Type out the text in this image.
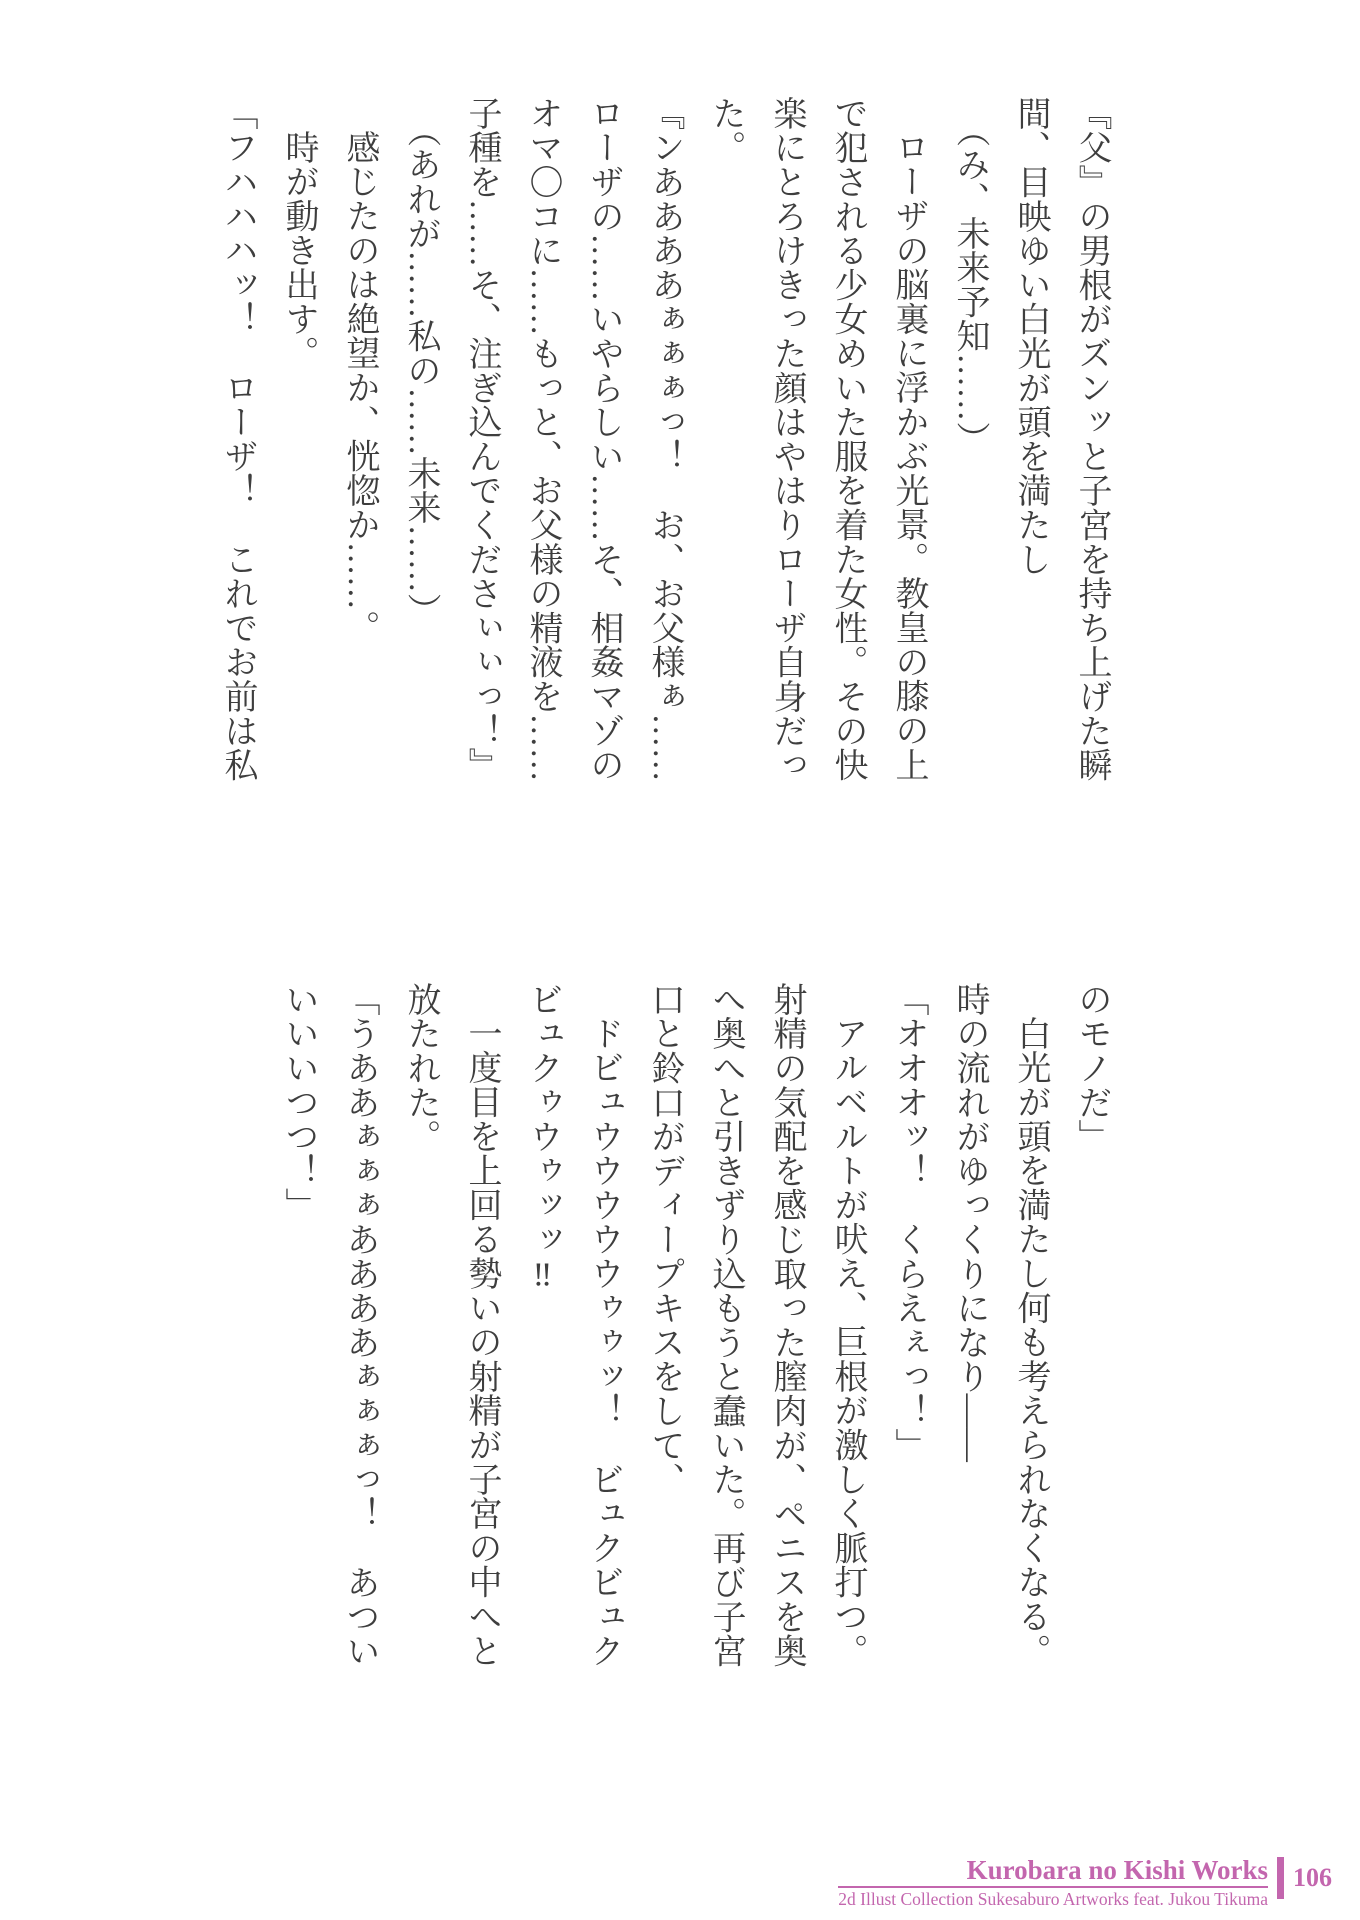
『父』の男根がズンッと子宮を持ち上げた瞬

間、目映ゆい白光が頭を満たし

（み、未来予知……）

ローザの脳裏に浮かぶ光景。教皇の膝の上

で犯される少女めいた服を着た女性。その快

楽にとろけきった顔はやはりローザ自身だっ

た。

『ンああああぁぁぁっ！　お、お父様ぁ……

ローザの……いやらしい……そ、相姦マゾの

オマ〇コに……もっと、お父様の精液を……

子種を……そ、注ぎ込んでくださぃぃっ！』

（あれが……私の……未来……）

感じたのは絶望か、恍惚か……。

時が動き出す。

「フハハハッ！　ローザ！　これでお前は私

のモノだ」

白光が頭を満たし何も考えられなくなる。

時の流れがゆっくりになり――

「オオオッ！　くらえぇっ！」

アルベルトが吠え、巨根が激しく脈打つ。

射精の気配を感じ取った膣肉が、ペニスを奥

へ奥へと引きずり込もうと蠢いた。再び子宮

口と鈴口がディープキスをして、

ドビュウウウウウゥゥッ！　ビュクビュク

ビュクゥウゥッッ‼

一度目を上回る勢いの射精が子宮の中へと

放たれた。

「うああぁぁぁああああぁぁぁっ！　あつい

いいいつつ！」

Kurobara no Kishi Works
2d Illust Collection Sukesaburo Artworks feat. Jukou Tikuma
106
